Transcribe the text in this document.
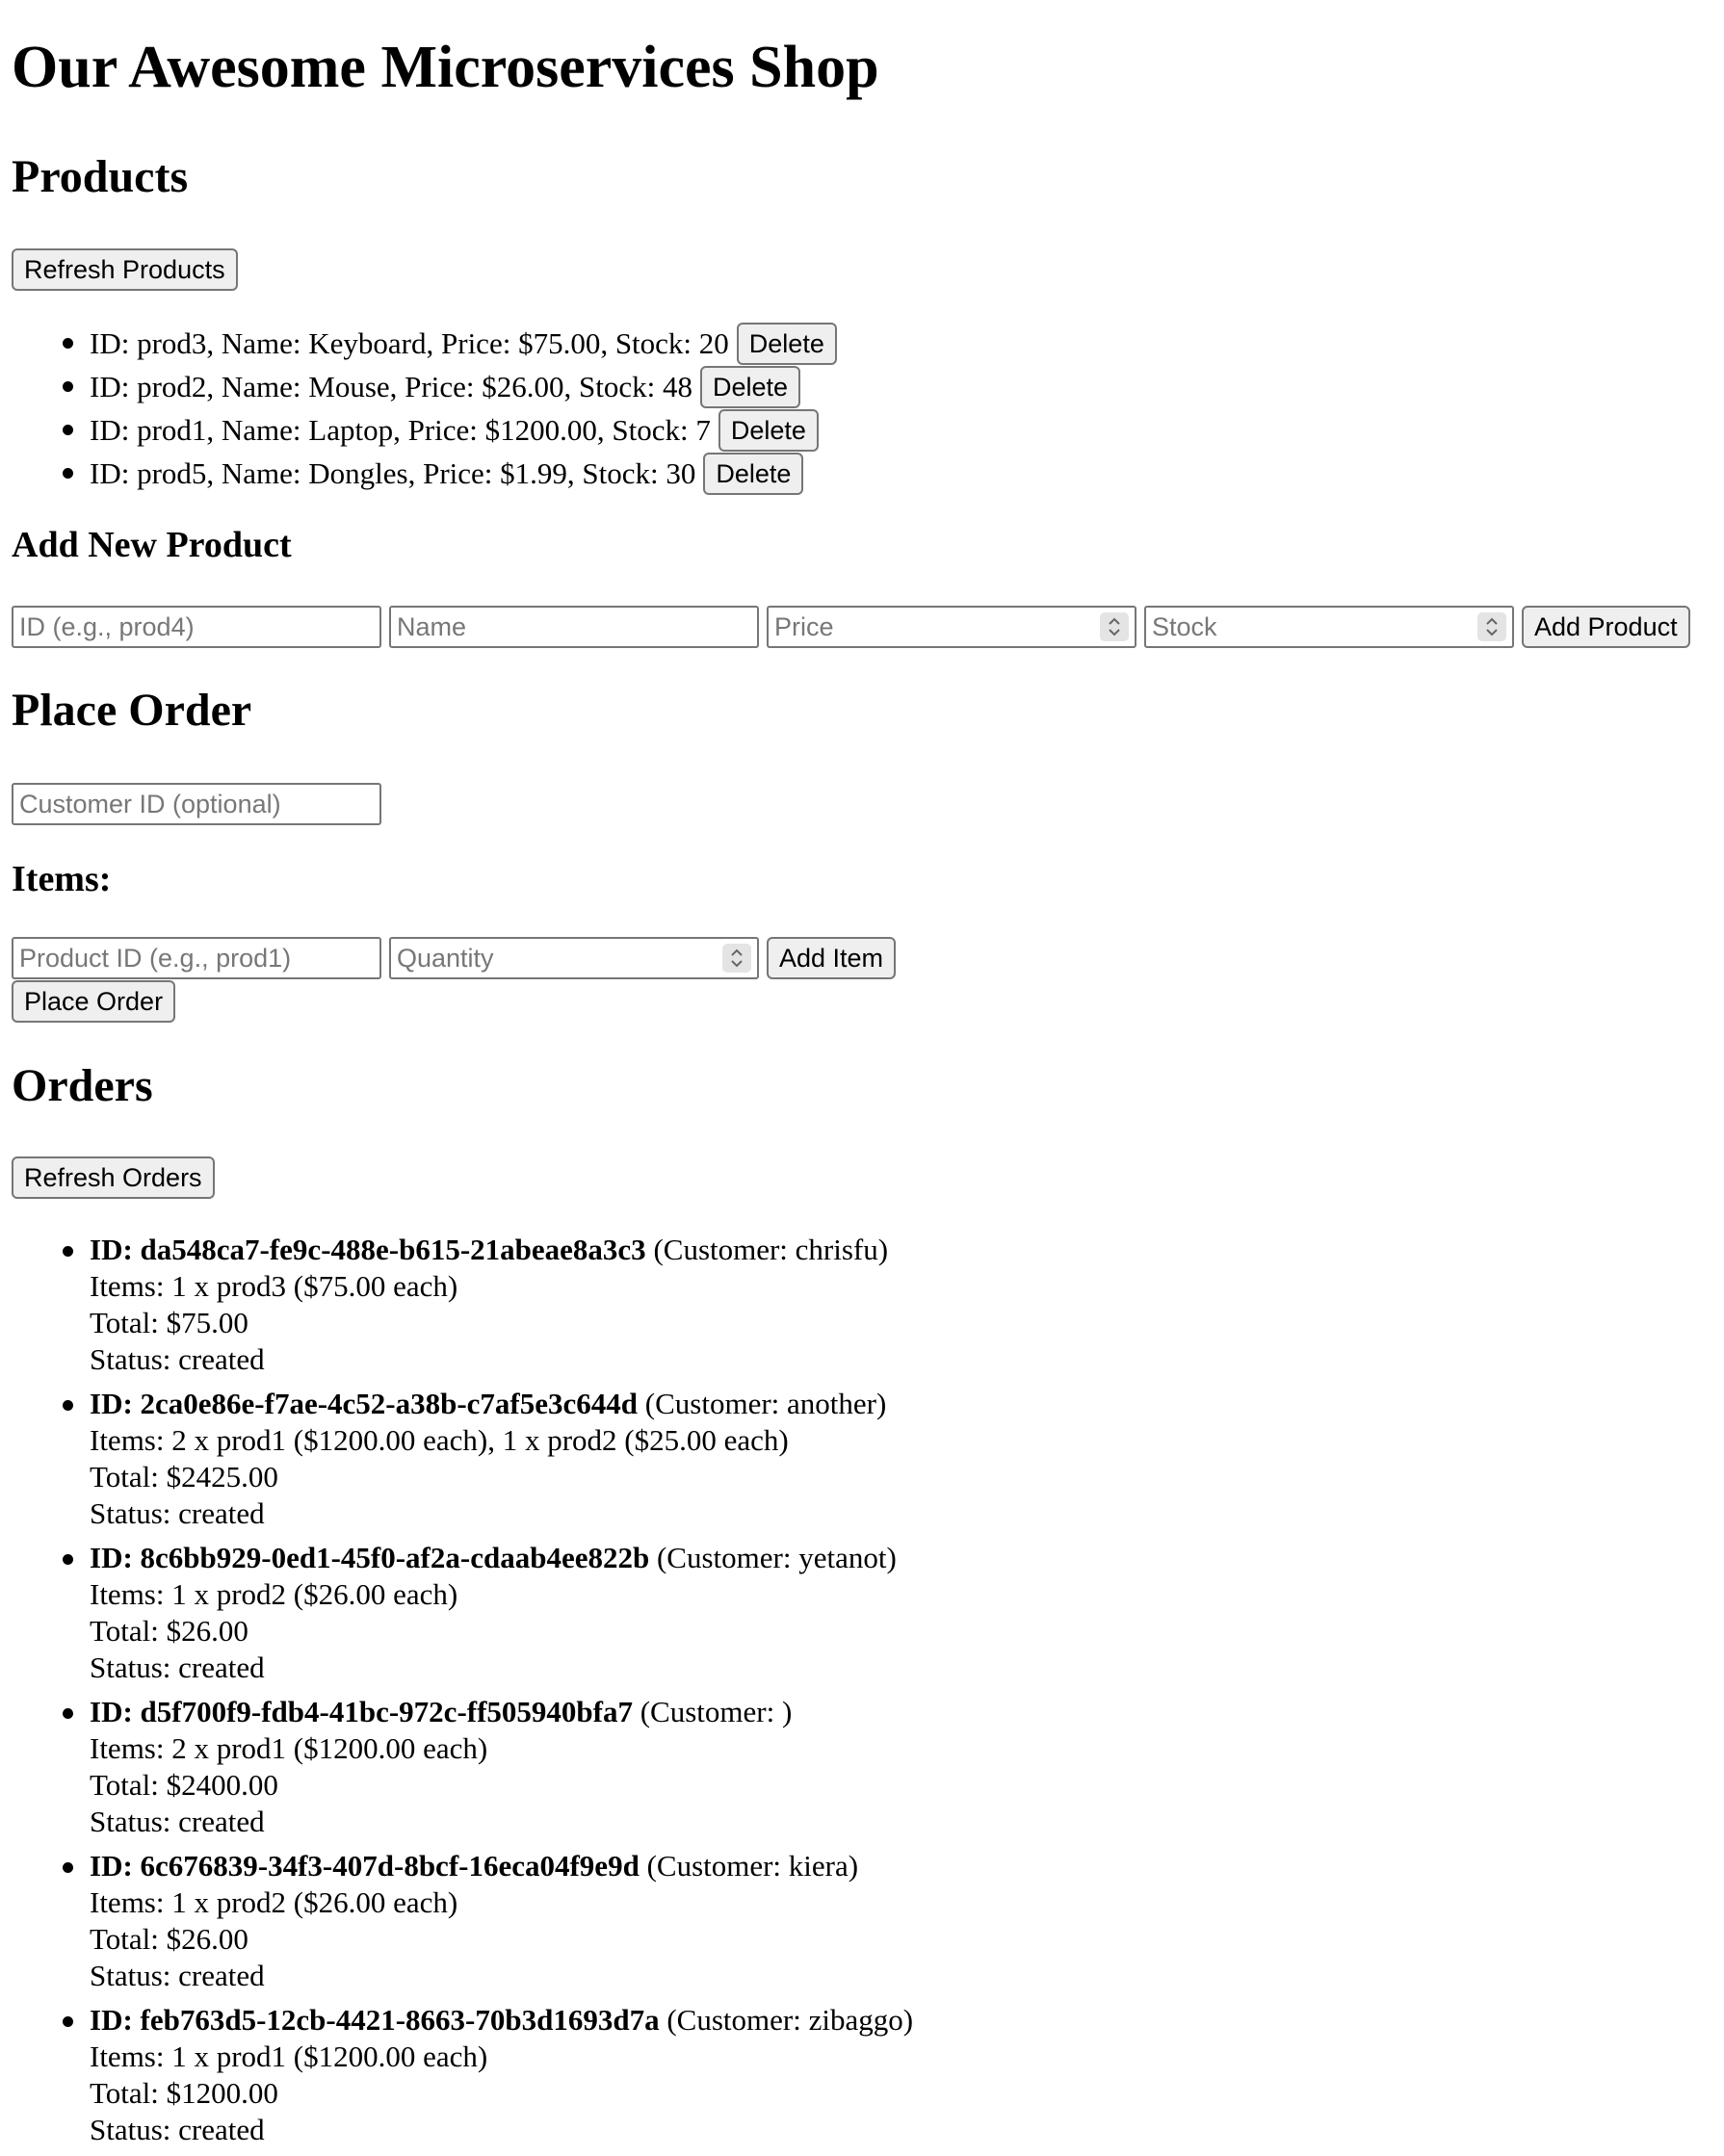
Our Awesome Microservices Shop
Products
Refresh Products
ID: prod3, Name: Keyboard, Price: $75.00, Stock: 20 Delete
ID: prod2, Name: Mouse, Price: $26.00, Stock: 48 Delete
ID: prod1, Name: Laptop, Price: $1200.00, Stock: 7 Delete
ID: prod5, Name: Dongles, Price: $1.99, Stock: 30 Delete
Add New Product
ID (e.g., prod4)	Name	Price	Stock	Add Product
Place Order
Customer ID (optional)
Items:
Product ID (e.g., prod1)	Quantity	Add Item
Place Order
Orders
Refresh Orders
ID: da548ca7-fe9c-488e-b615-21abeae8a3c3 (Customer: chrisfu)
Items: 1 x prod3 ($75.00 each)
Total: $75.00
Status: created
ID: 2ca0e86e-f7ae-4c52-a38b-c7af5e3c644d (Customer: another)
Items: 2 x prod1 ($1200.00 each), 1 x prod2 ($25.00 each)
Total: $2425.00
Status: created
ID: 8c6bb929-0ed1-45f0-af2a-cdaab4ee822b (Customer: yetanot)
Items: 1 x prod2 ($26.00 each)
Total: $26.00
Status: created
ID: d5f700f9-fdb4-41bc-972c-ff505940bfa7 (Customer: )
Items: 2 x prod1 ($1200.00 each)
Total: $2400.00
Status: created
ID: 6c676839-34f3-407d-8bcf-16eca04f9e9d (Customer: kiera)
Items: 1 x prod2 ($26.00 each)
Total: $26.00
Status: created
ID: feb763d5-12cb-4421-8663-70b3d1693d7a (Customer: zibaggo)
Items: 1 x prod1 ($1200.00 each)
Total: $1200.00
Status: created
